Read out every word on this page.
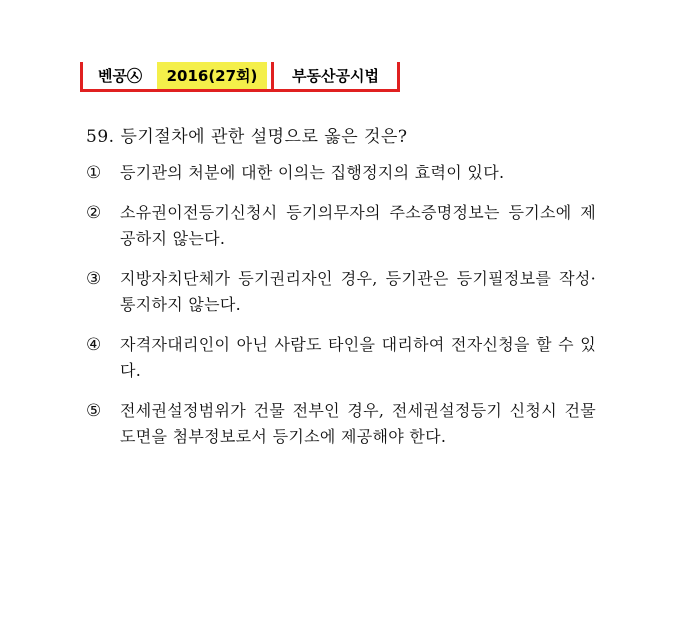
벤공㉦	2016(27회)	부동산공시법
59. 등기절차에 관한 설명으로 옳은 것은?
①	등기관의 처분에 대한 이의는 집행정지의 효력이 있다.
②	소유권이전등기신청시 등기의무자의 주소증명정보는 등기소에 제공하지 않는다.
③	지방자치단체가 등기권리자인 경우, 등기관은 등기필정보를 작성·통지하지 않는다.
④	자격자대리인이 아닌 사람도 타인을 대리하여 전자신청을 할 수 있다.
⑤	전세권설정범위가 건물 전부인 경우, 전세권설정등기 신청시 건물도면을 첨부정보로서 등기소에 제공해야 한다.
